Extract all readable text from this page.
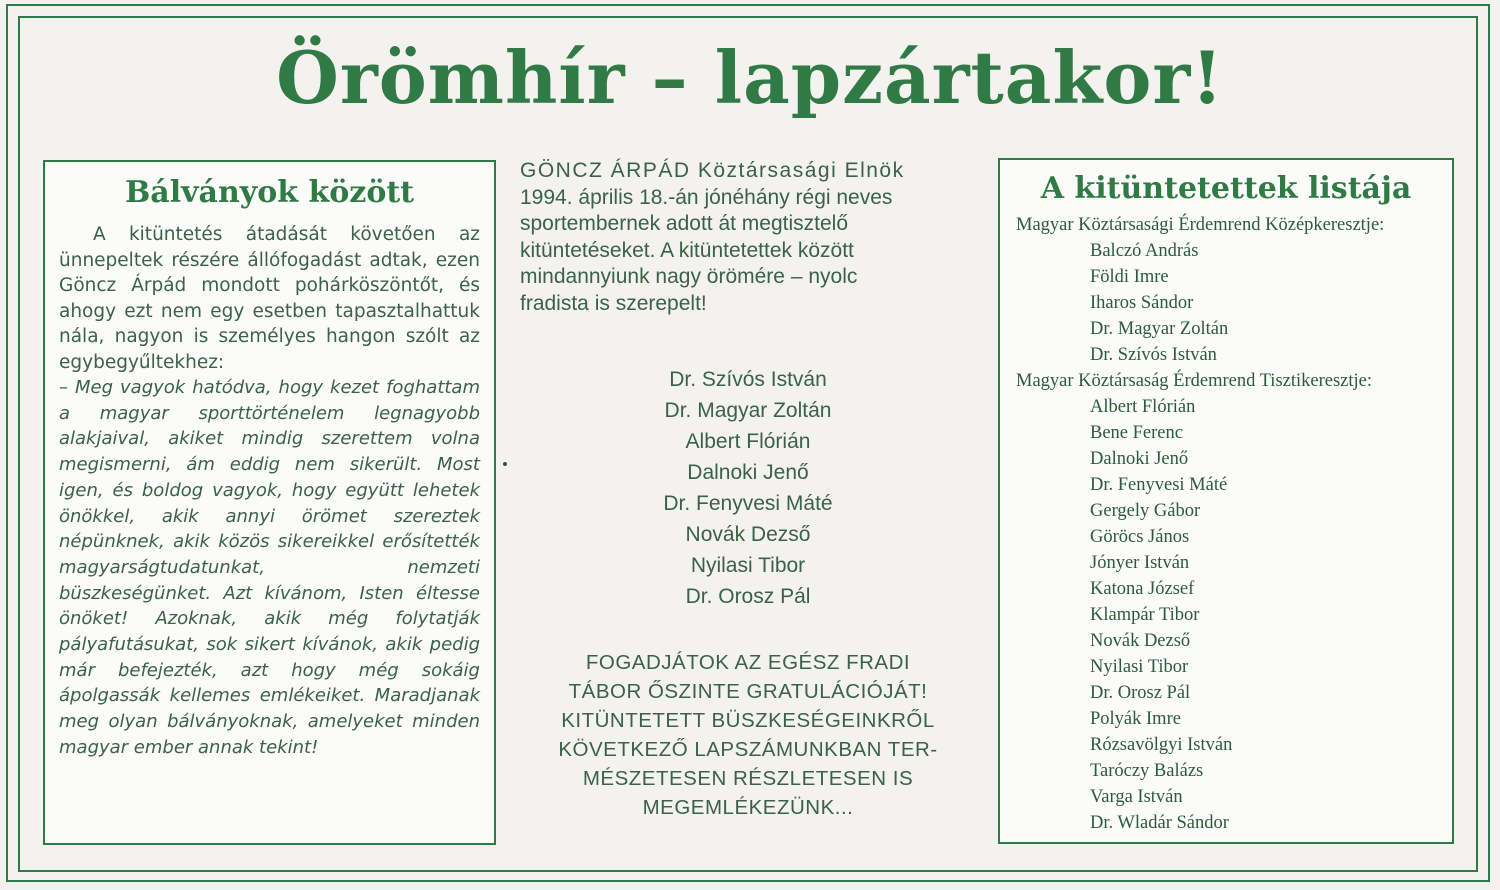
Örömhír – lapzártakor!
Bálványok között

A kitüntetés átadását követően az ünnepeltek részére állófogadást adtak, ezen Göncz Árpád mondott pohárköszöntőt, és ahogy ezt nem egy esetben tapasztalhattuk nála, nagyon is személyes hangon szólt az egybegyűltekhez:

– Meg vagyok hatódva, hogy kezet foghattam a magyar sporttörténelem legnagyobb alakjaival, akiket mindig szerettem volna megismerni, ám eddig nem sikerült. Most igen, és boldog vagyok, hogy együtt lehetek önökkel, akik annyi örömet szereztek népünknek, akik közös sikereikkel erősítették magyarságtudatunkat, nemzeti büszkeségünket. Azt kívánom, Isten éltesse önöket! Azoknak, akik még folytatják pályafutásukat, sok sikert kívánok, akik pedig már befejezték, azt hogy még sokáig ápolgassák kellemes emlékeiket. Maradjanak meg olyan bálványoknak, amelyeket minden magyar ember annak tekint!

GÖNCZ ÁRPÁD Köztársasági Elnök
1994. április 18.-án jónéhány régi neves
sportembernek adott át megtisztelő
kitüntetéseket. A kitüntetettek között
mindannyiunk nagy örömére – nyolc
fradista is szerepelt!
Dr. Szívós István
Dr. Magyar Zoltán
Albert Flórián
Dalnoki Jenő
Dr. Fenyvesi Máté
Novák Dezső
Nyilasi Tibor
Dr. Orosz Pál
FOGADJÁTOK AZ EGÉSZ FRADI
TÁBOR ŐSZINTE GRATULÁCIÓJÁT!
KITÜNTETETT BÜSZKESÉGEINKRŐL
KÖVETKEZŐ LAPSZÁMUNKBAN TER-
MÉSZETESEN RÉSZLETESEN IS
MEGEMLÉKEZÜNK...
A kitüntetettek listája

Magyar Köztársasági Érdemrend Középkeresztje:

Balczó András

Földi Imre

Iharos Sándor

Dr. Magyar Zoltán

Dr. Szívós István

Magyar Köztársaság Érdemrend Tisztikeresztje:

Albert Flórián

Bene Ferenc

Dalnoki Jenő

Dr. Fenyvesi Máté

Gergely Gábor

Göröcs János

Jónyer István

Katona József

Klampár Tibor

Novák Dezső

Nyilasi Tibor

Dr. Orosz Pál

Polyák Imre

Rózsavölgyi István

Taróczy Balázs

Varga István

Dr. Wladár Sándor
